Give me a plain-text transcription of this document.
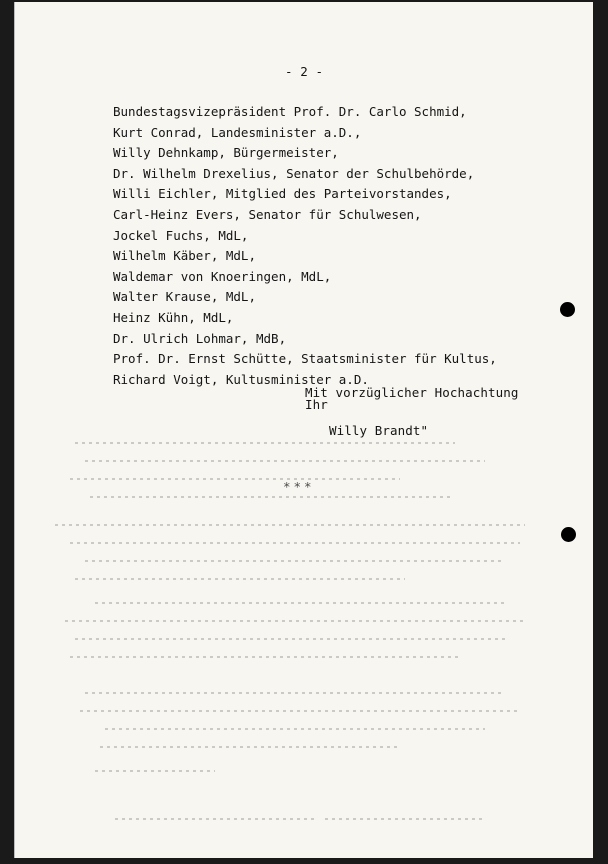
- 2 -
Bundestagsvizepräsident Prof. Dr. Carlo Schmid,
Kurt Conrad, Landesminister a.D.,
Willy Dehnkamp, Bürgermeister,
Dr. Wilhelm Drexelius, Senator der Schulbehörde,
Willi Eichler, Mitglied des Parteivorstandes,
Carl-Heinz Evers, Senator für Schulwesen,
Jockel Fuchs, MdL,
Wilhelm Käber, MdL,
Waldemar von Knoeringen, MdL,
Walter Krause, MdL,
Heinz Kühn, MdL,
Dr. Ulrich Lohmar, MdB,
Prof. Dr. Ernst Schütte, Staatsminister für Kultus,
Richard Voigt, Kultusminister a.D.
Mit vorzüglicher Hochachtung
Ihr
Willy Brandt"
***
